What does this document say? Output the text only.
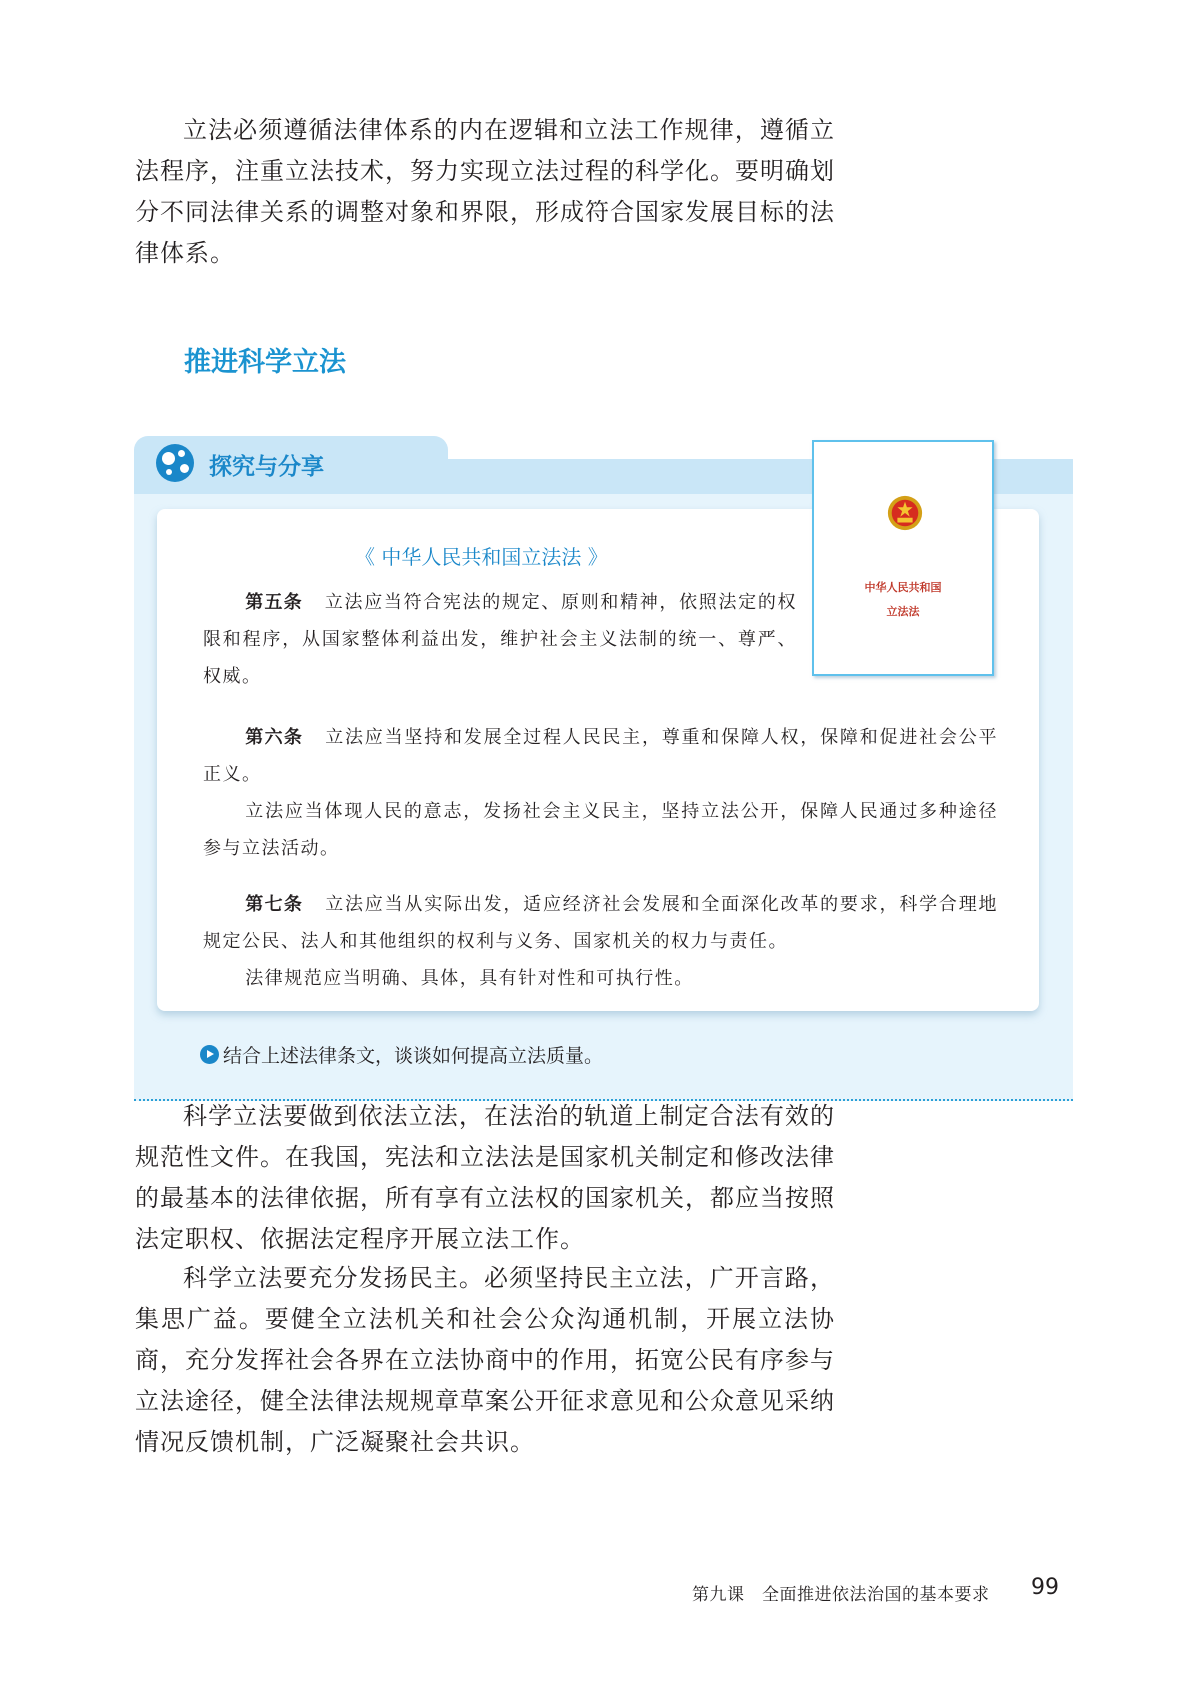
立法必须遵循法律体系的内在逻辑和立法工作规律，遵循立法程序，注重立法技术，努力实现立法过程的科学化。要明确划分不同法律关系的调整对象和界限，形成符合国家发展目标的法律体系。

推进科学立法
探究与分享
《 中华人民共和国立法法 》

第五条 立法应当符合宪法的规定、原则和精神，依照法定的权限和程序，从国家整体利益出发，维护社会主义法制的统一、尊严、权威。

第六条 立法应当坚持和发展全过程人民民主，尊重和保障人权，保障和促进社会公平正义。

立法应当体现人民的意志，发扬社会主义民主，坚持立法公开，保障人民通过多种途径参与立法活动。

第七条 立法应当从实际出发，适应经济社会发展和全面深化改革的要求，科学合理地规定公民、法人和其他组织的权利与义务、国家机关的权力与责任。

法律规范应当明确、具体，具有针对性和可执行性。

中华人民共和国
立法法
结合上述法律条文，谈谈如何提高立法质量。

科学立法要做到依法立法，在法治的轨道上制定合法有效的规范性文件。在我国，宪法和立法法是国家机关制定和修改法律的最基本的法律依据，所有享有立法权的国家机关，都应当按照法定职权、依据法定程序开展立法工作。

科学立法要充分发扬民主。必须坚持民主立法，广开言路，集思广益。要健全立法机关和社会公众沟通机制，开展立法协商，充分发挥社会各界在立法协商中的作用，拓宽公民有序参与立法途径，健全法律法规规章草案公开征求意见和公众意见采纳情况反馈机制，广泛凝聚社会共识。

第九课　全面推进依法治国的基本要求 99
